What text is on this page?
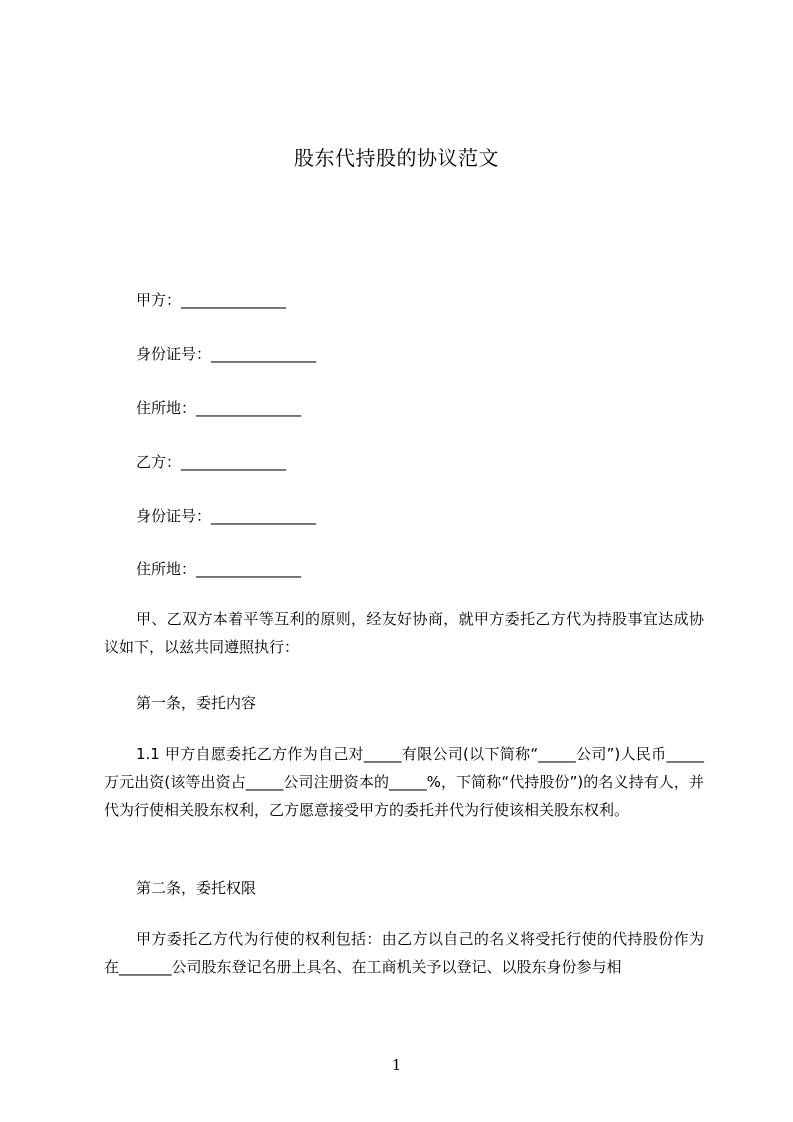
股东代持股的协议范文
甲方：______________
身份证号：______________
住所地：______________
乙方：______________
身份证号：______________
住所地：______________
甲、乙双方本着平等互利的原则，经友好协商，就甲方委托乙方代为持股事宜达成协议如下，以兹共同遵照执行：
第一条，委托内容
1.1 甲方自愿委托乙方作为自己对_____有限公司(以下简称“_____公司”)人民币_____万元出资(该等出资占_____公司注册资本的_____%，下简称“代持股份”)的名义持有人，并代为行使相关股东权利，乙方愿意接受甲方的委托并代为行使该相关股东权利。
第二条，委托权限
甲方委托乙方代为行使的权利包括：由乙方以自己的名义将受托行使的代持股份作为在_______公司股东登记名册上具名、在工商机关予以登记、以股东身份参与相
1
